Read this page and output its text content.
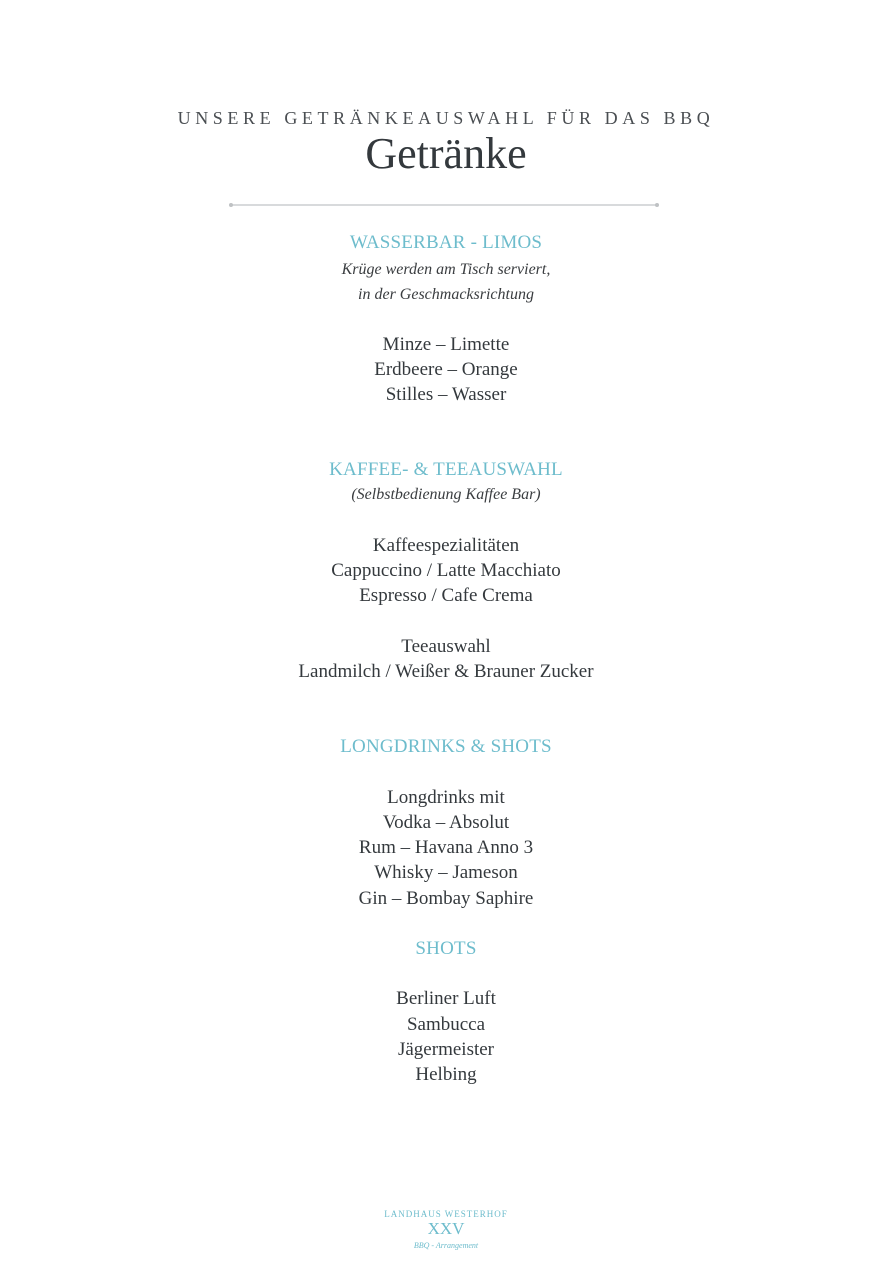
UNSERE GETRÄNKEAUSWAHL FÜR DAS BBQ
Getränke
WASSERBAR - LIMOS
Krüge werden am Tisch serviert,
in der Geschmacksrichtung
Minze – Limette
Erdbeere – Orange
Stilles – Wasser
KAFFEE- & TEEAUSWAHL
(Selbstbedienung Kaffee Bar)
Kaffeespezialitäten
Cappuccino / Latte Macchiato
Espresso / Cafe Crema
Teeauswahl
Landmilch / Weißer & Brauner Zucker
LONGDRINKS & SHOTS
Longdrinks mit
Vodka – Absolut
Rum – Havana Anno 3
Whisky – Jameson
Gin – Bombay Saphire
SHOTS
Berliner Luft
Sambucca
Jägermeister
Helbing
LANDHAUS WESTERHOF
XXV
BBQ - Arrangement
